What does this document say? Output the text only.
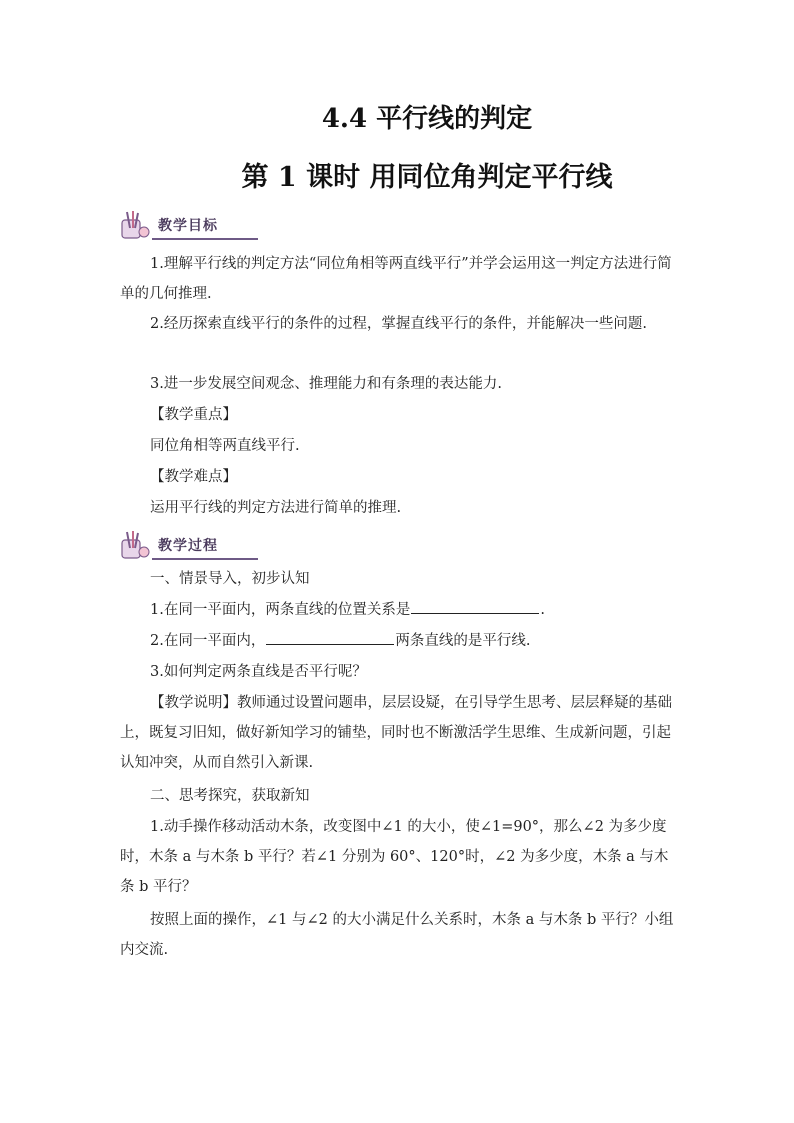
4.4 平行线的判定
第 1 课时 用同位角判定平行线
教学目标
1.理解平行线的判定方法“同位角相等两直线平行”并学会运用这一判定方法进行简单的几何推理.
2.经历探索直线平行的条件的过程，掌握直线平行的条件，并能解决一些问题.
3.进一步发展空间观念、推理能力和有条理的表达能力.
【教学重点】
同位角相等两直线平行.
【教学难点】
运用平行线的判定方法进行简单的推理.
教学过程
一、情景导入，初步认知
1.在同一平面内，两条直线的位置关系是	.
2.在同一平面内，	两条直线的是平行线.
3.如何判定两条直线是否平行呢？
【教学说明】教师通过设置问题串，层层设疑，在引导学生思考、层层释疑的基础上，既复习旧知，做好新知学习的铺垫，同时也不断激活学生思维、生成新问题，引起认知冲突，从而自然引入新课.
二、思考探究，获取新知
1.动手操作移动活动木条，改变图中∠1 的大小，使∠1=90°，那么∠2 为多少度时，木条 a 与木条 b 平行？若∠1 分别为 60°、120°时，∠2 为多少度，木条 a 与木条 b 平行？
按照上面的操作，∠1 与∠2 的大小满足什么关系时，木条 a 与木条 b 平行？小组内交流.
